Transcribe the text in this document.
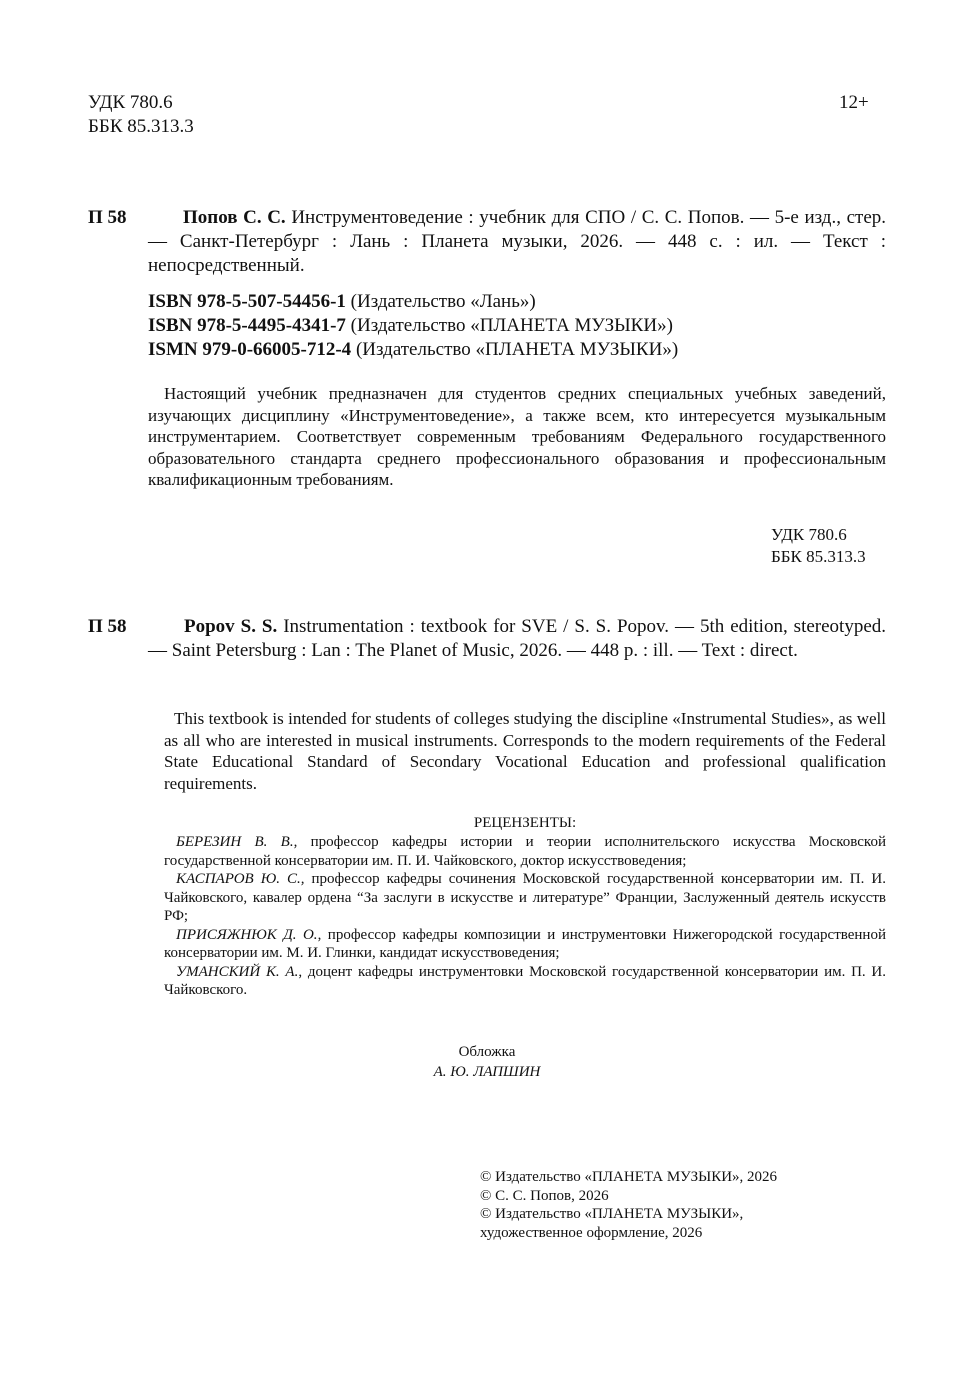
УДК 780.6
ББК 85.313.3
12+
П 58	Попов С. С. Инструментоведение : учебник для СПО / С. С. Попов. — 5-е изд., стер. — Санкт-Петербург : Лань : Планета музыки, 2026. — 448 с. : ил. — Текст : непосредственный.
ISBN 978-5-507-54456-1 (Издательство «Лань»)
ISBN 978-5-4495-4341-7 (Издательство «ПЛАНЕТА МУЗЫКИ»)
ISMN 979-0-66005-712-4 (Издательство «ПЛАНЕТА МУЗЫКИ»)
Настоящий учебник предназначен для студентов средних специальных учебных заведений, изучающих дисциплину «Инструментоведение», а также всем, кто интересуется музыкальным инструментарием. Соответствует современным требованиям Федерального государственного образовательного стандарта среднего профессионального образования и профессиональным квалификационным требованиям.
УДК 780.6
ББК 85.313.3
П 58	Popov S. S. Instrumentation : textbook for SVE / S. S. Popov. — 5th edition, stereotyped. — Saint Petersburg : Lan : The Planet of Music, 2026. — 448 p. : ill. — Text : direct.
This textbook is intended for students of colleges studying the discipline «Instrumental Studies», as well as all who are interested in musical instruments. Corresponds to the modern requirements of the Federal State Educational Standard of Secondary Vocational Education and professional qualification requirements.
РЕЦЕНЗЕНТЫ:

БЕРЕЗИН В. В., профессор кафедры истории и теории исполнительского искусства Московской государственной консерватории им. П. И. Чайковского, доктор искусствоведения;

КАСПАРОВ Ю. С., профессор кафедры сочинения Московской государственной консерватории им. П. И. Чайковского, кавалер ордена “За заслуги в искусстве и литературе” Франции, Заслуженный деятель искусств РФ;

ПРИСЯЖНЮК Д. О., профессор кафедры композиции и инструментовки Нижегородской государственной консерватории им. М. И. Глинки, кандидат искусствоведения;

УМАНСКИЙ К. А., доцент кафедры инструментовки Московской государственной консерватории им. П. И. Чайковского.

Обложка
А. Ю. ЛАПШИН
© Издательство «ПЛАНЕТА МУЗЫКИ», 2026
© С. С. Попов, 2026
© Издательство «ПЛАНЕТА МУЗЫКИ»,
художественное оформление, 2026
